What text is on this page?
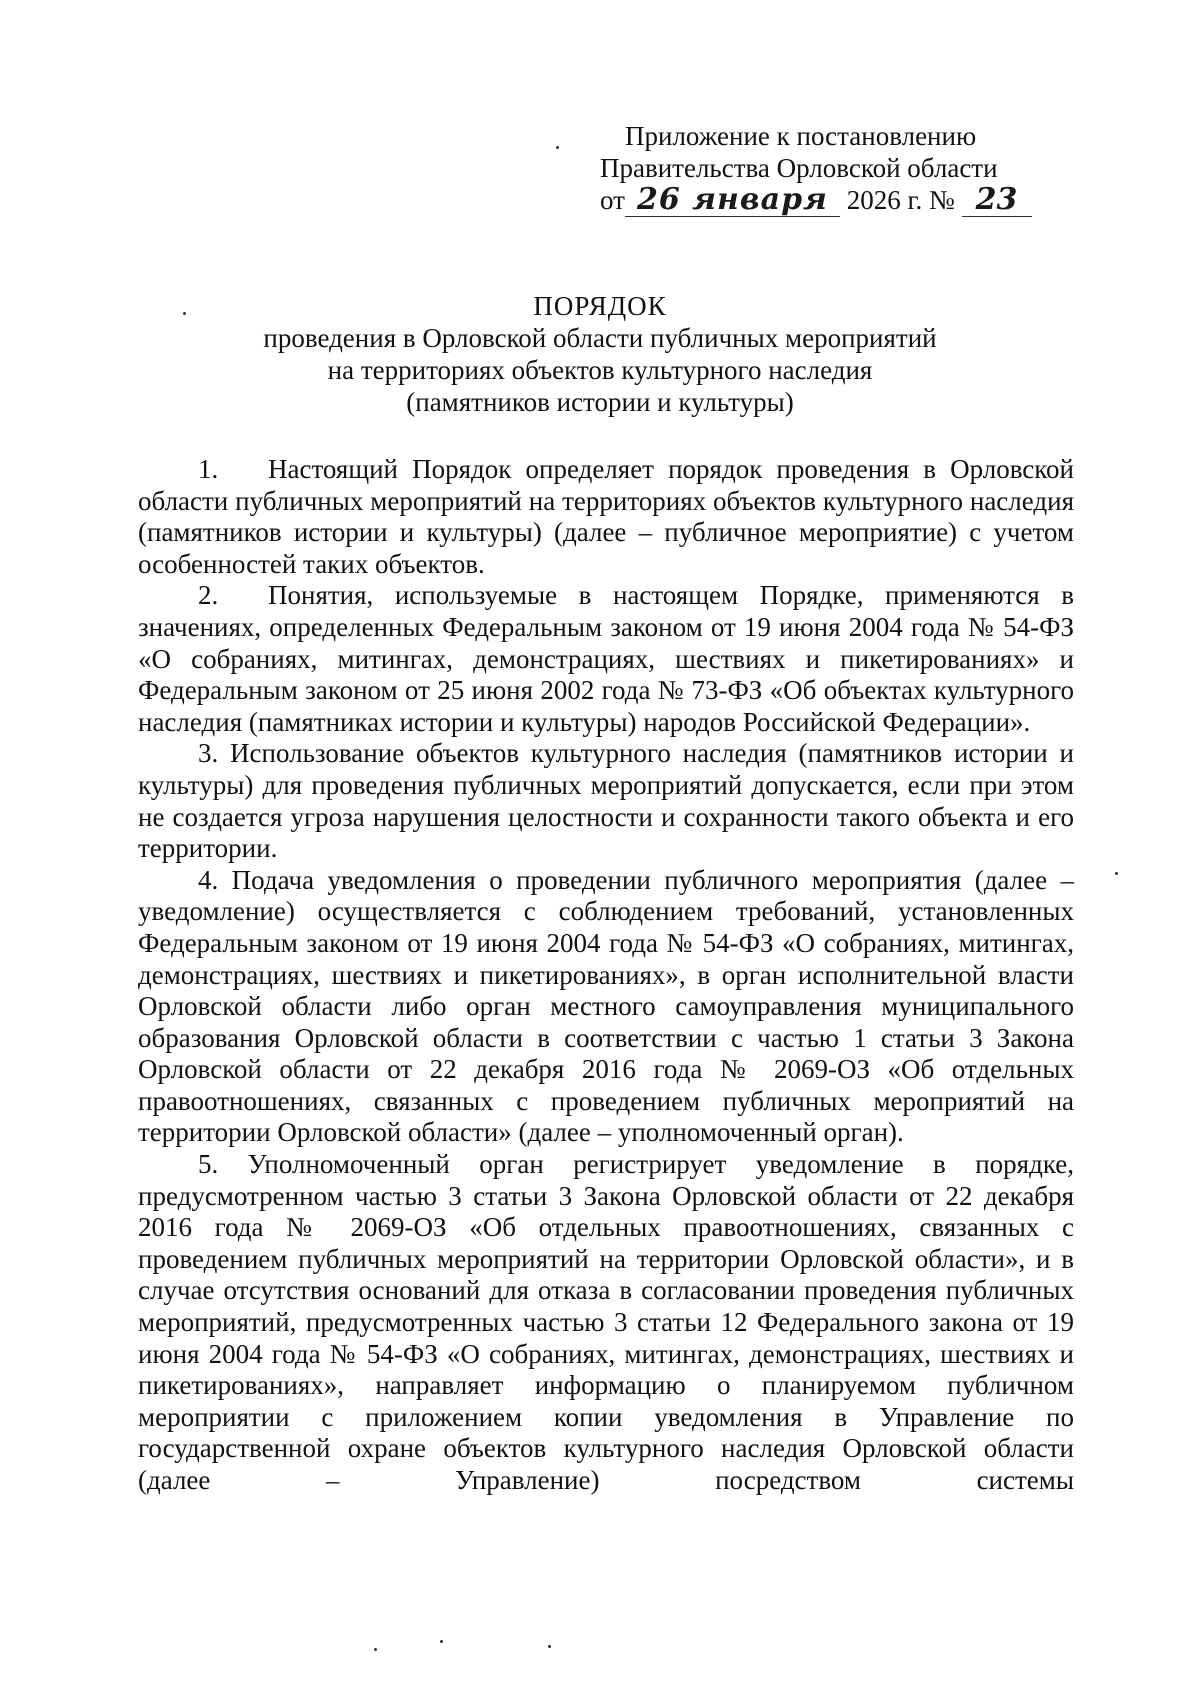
Приложение к постановлению
Правительства Орловской области
от 26 января 2026 г. № 23
ПОРЯДОК
проведения в Орловской области публичных мероприятий
на территориях объектов культурного наследия
(памятников истории и культуры)

1. Настоящий Порядок определяет порядок проведения в Орловской области публичных мероприятий на территориях объектов культурного наследия (памятников истории и культуры) (далее – публичное мероприятие) с учетом особенностей таких объектов.

2. Понятия, используемые в настоящем Порядке, применяются в значениях, определенных Федеральным законом от 19 июня 2004 года № 54-ФЗ «О собраниях, митингах, демонстрациях, шествиях и пикетированиях» и Федеральным законом от 25 июня 2002 года № 73-ФЗ «Об объектах культурного наследия (памятниках истории и культуры) народов Российской Федерации».

3. Использование объектов культурного наследия (памятников истории и культуры) для проведения публичных мероприятий допускается, если при этом не создается угроза нарушения целостности и сохранности такого объекта и его территории.

4. Подача уведомления о проведении публичного мероприятия (далее – уведомление) осуществляется с соблюдением требований, установленных Федеральным законом от 19 июня 2004 года № 54-ФЗ «О собраниях, митингах, демонстрациях, шествиях и пикетированиях», в орган исполнительной власти Орловской области либо орган местного самоуправления муниципального образования Орловской области в соответствии с частью 1 статьи 3 Закона Орловской области от 22 декабря 2016 года № 2069-ОЗ «Об отдельных правоотношениях, связанных с проведением публичных мероприятий на территории Орловской области» (далее – уполномоченный орган).

5. Уполномоченный орган регистрирует уведомление в порядке, предусмотренном частью 3 статьи 3 Закона Орловской области от 22 декабря 2016 года № 2069-ОЗ «Об отдельных правоотношениях, связанных с проведением публичных мероприятий на территории Орловской области», и в случае отсутствия оснований для отказа в согласовании проведения публичных мероприятий, предусмотренных частью 3 статьи 12 Федерального закона от 19 июня 2004 года № 54-ФЗ «О собраниях, митингах, демонстрациях, шествиях и пикетированиях», направляет информацию о планируемом публичном мероприятии с приложением копии уведомления в Управление по государственной охране объектов культурного наследия Орловской области (далее – Управление) посредством системы
